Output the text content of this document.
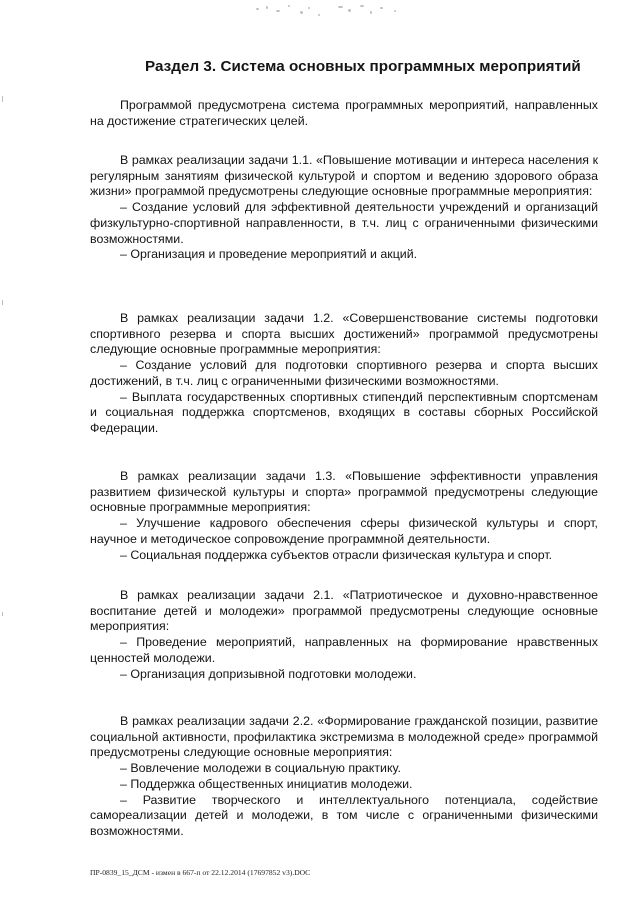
Раздел 3. Система основных программных мероприятий

Программой предусмотрена система программных мероприятий, направленных на достижение стратегических целей.

В рамках реализации задачи 1.1. «Повышение мотивации и интереса населения к регулярным занятиям физической культурой и спортом и ведению здорового образа жизни» программой предусмотрены следующие основные программные мероприятия:

– Создание условий для эффективной деятельности учреждений и организаций физкультурно-спортивной направленности, в т.ч. лиц с ограниченными физическими возможностями.

– Организация и проведение мероприятий и акций.

В рамках реализации задачи 1.2. «Совершенствование системы подготовки спортивного резерва и спорта высших достижений» программой предусмотрены следующие основные программные мероприятия:

– Создание условий для подготовки спортивного резерва и спорта высших достижений, в т.ч. лиц с ограниченными физическими возможностями.

– Выплата государственных спортивных стипендий перспективным спортсменам и социальная поддержка спортсменов, входящих в составы сборных Российской Федерации.

В рамках реализации задачи 1.3. «Повышение эффективности управления развитием физической культуры и спорта» программой предусмотрены следующие основные программные мероприятия:

– Улучшение кадрового обеспечения сферы физической культуры и спорт, научное и методическое сопровождение программной деятельности.

– Социальная поддержка субъектов отрасли физическая культура и спорт.

В рамках реализации задачи 2.1. «Патриотическое и духовно-нравственное воспитание детей и молодежи» программой предусмотрены следующие основные мероприятия:

– Проведение мероприятий, направленных на формирование нравственных ценностей молодежи.

– Организация допризывной подготовки молодежи.

В рамках реализации задачи 2.2. «Формирование гражданской позиции, развитие социальной активности, профилактика экстремизма в молодежной среде» программой предусмотрены следующие основные мероприятия:

– Вовлечение молодежи в социальную практику.

– Поддержка общественных инициатив молодежи.

– Развитие творческого и интеллектуального потенциала, содействие самореализации детей и молодежи, в том числе с ограниченными физическими возможностями.

ПР-0839_15_ДСМ - измен в 667-п от 22.12.2014 (17697852 v3).DOC
